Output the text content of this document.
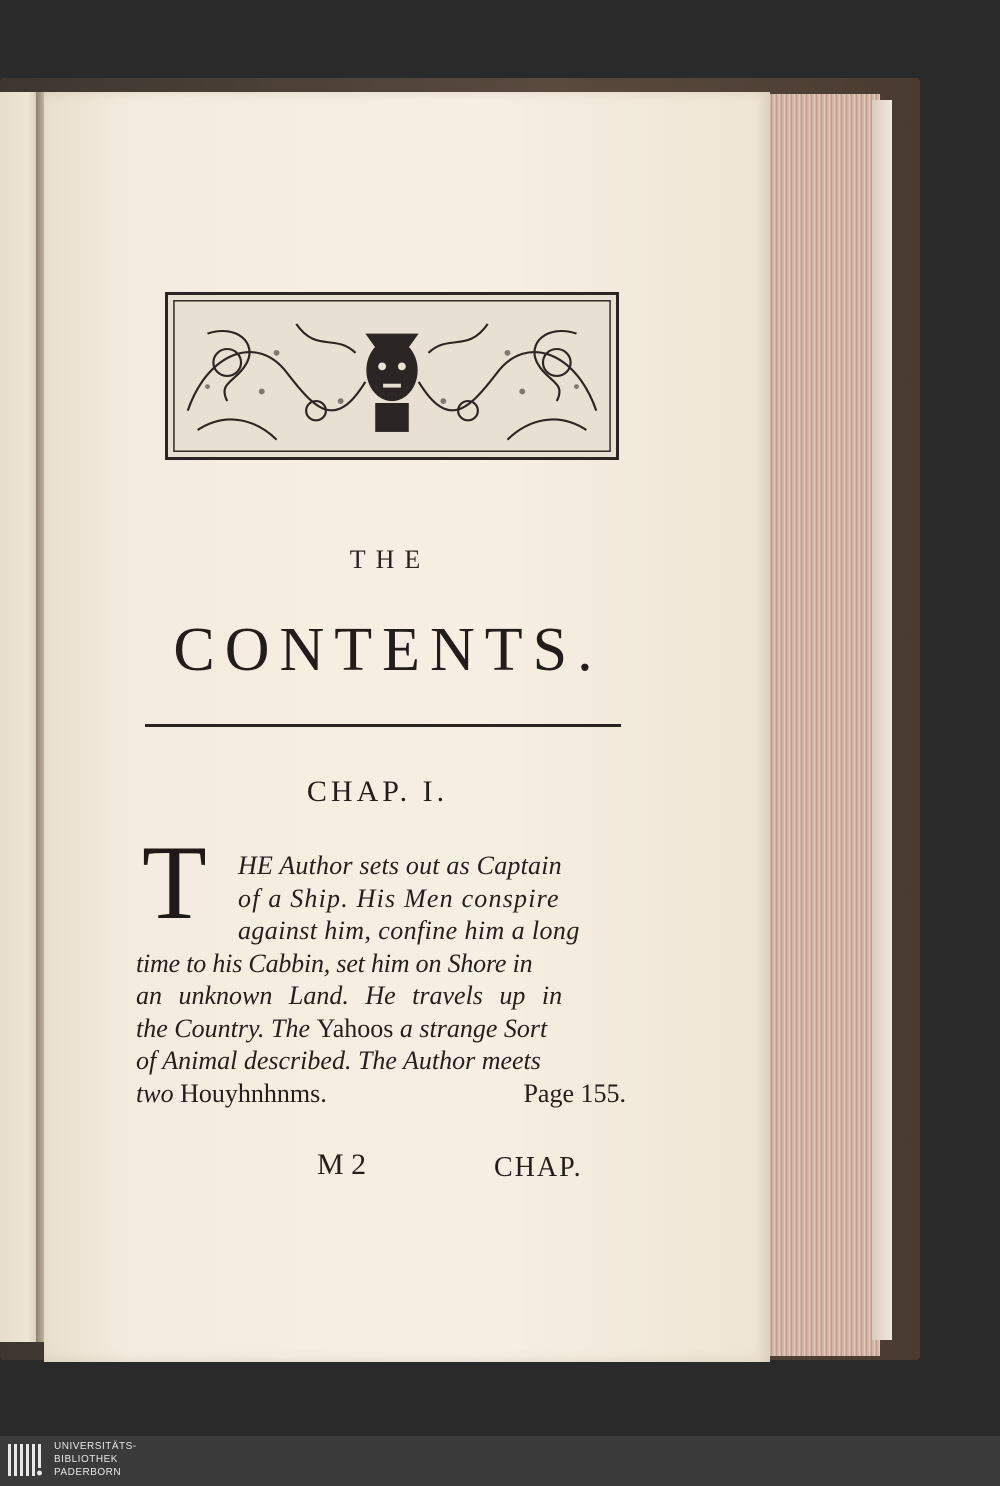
THE
CONTENTS.
CHAP. I.
T	HE Author sets out as Captain
of a Ship. His Men conspire
against him, confine him a long
time to his Cabbin, set him on Shore in
an unknown Land. He travels up in
the Country. The Yahoos a strange Sort
of Animal described. The Author meets
two Houyhnhnms.	Page 155.
M 2	CHAP.
UNIVERSITÄTS-
BIBLIOTHEK
PADERBORN
